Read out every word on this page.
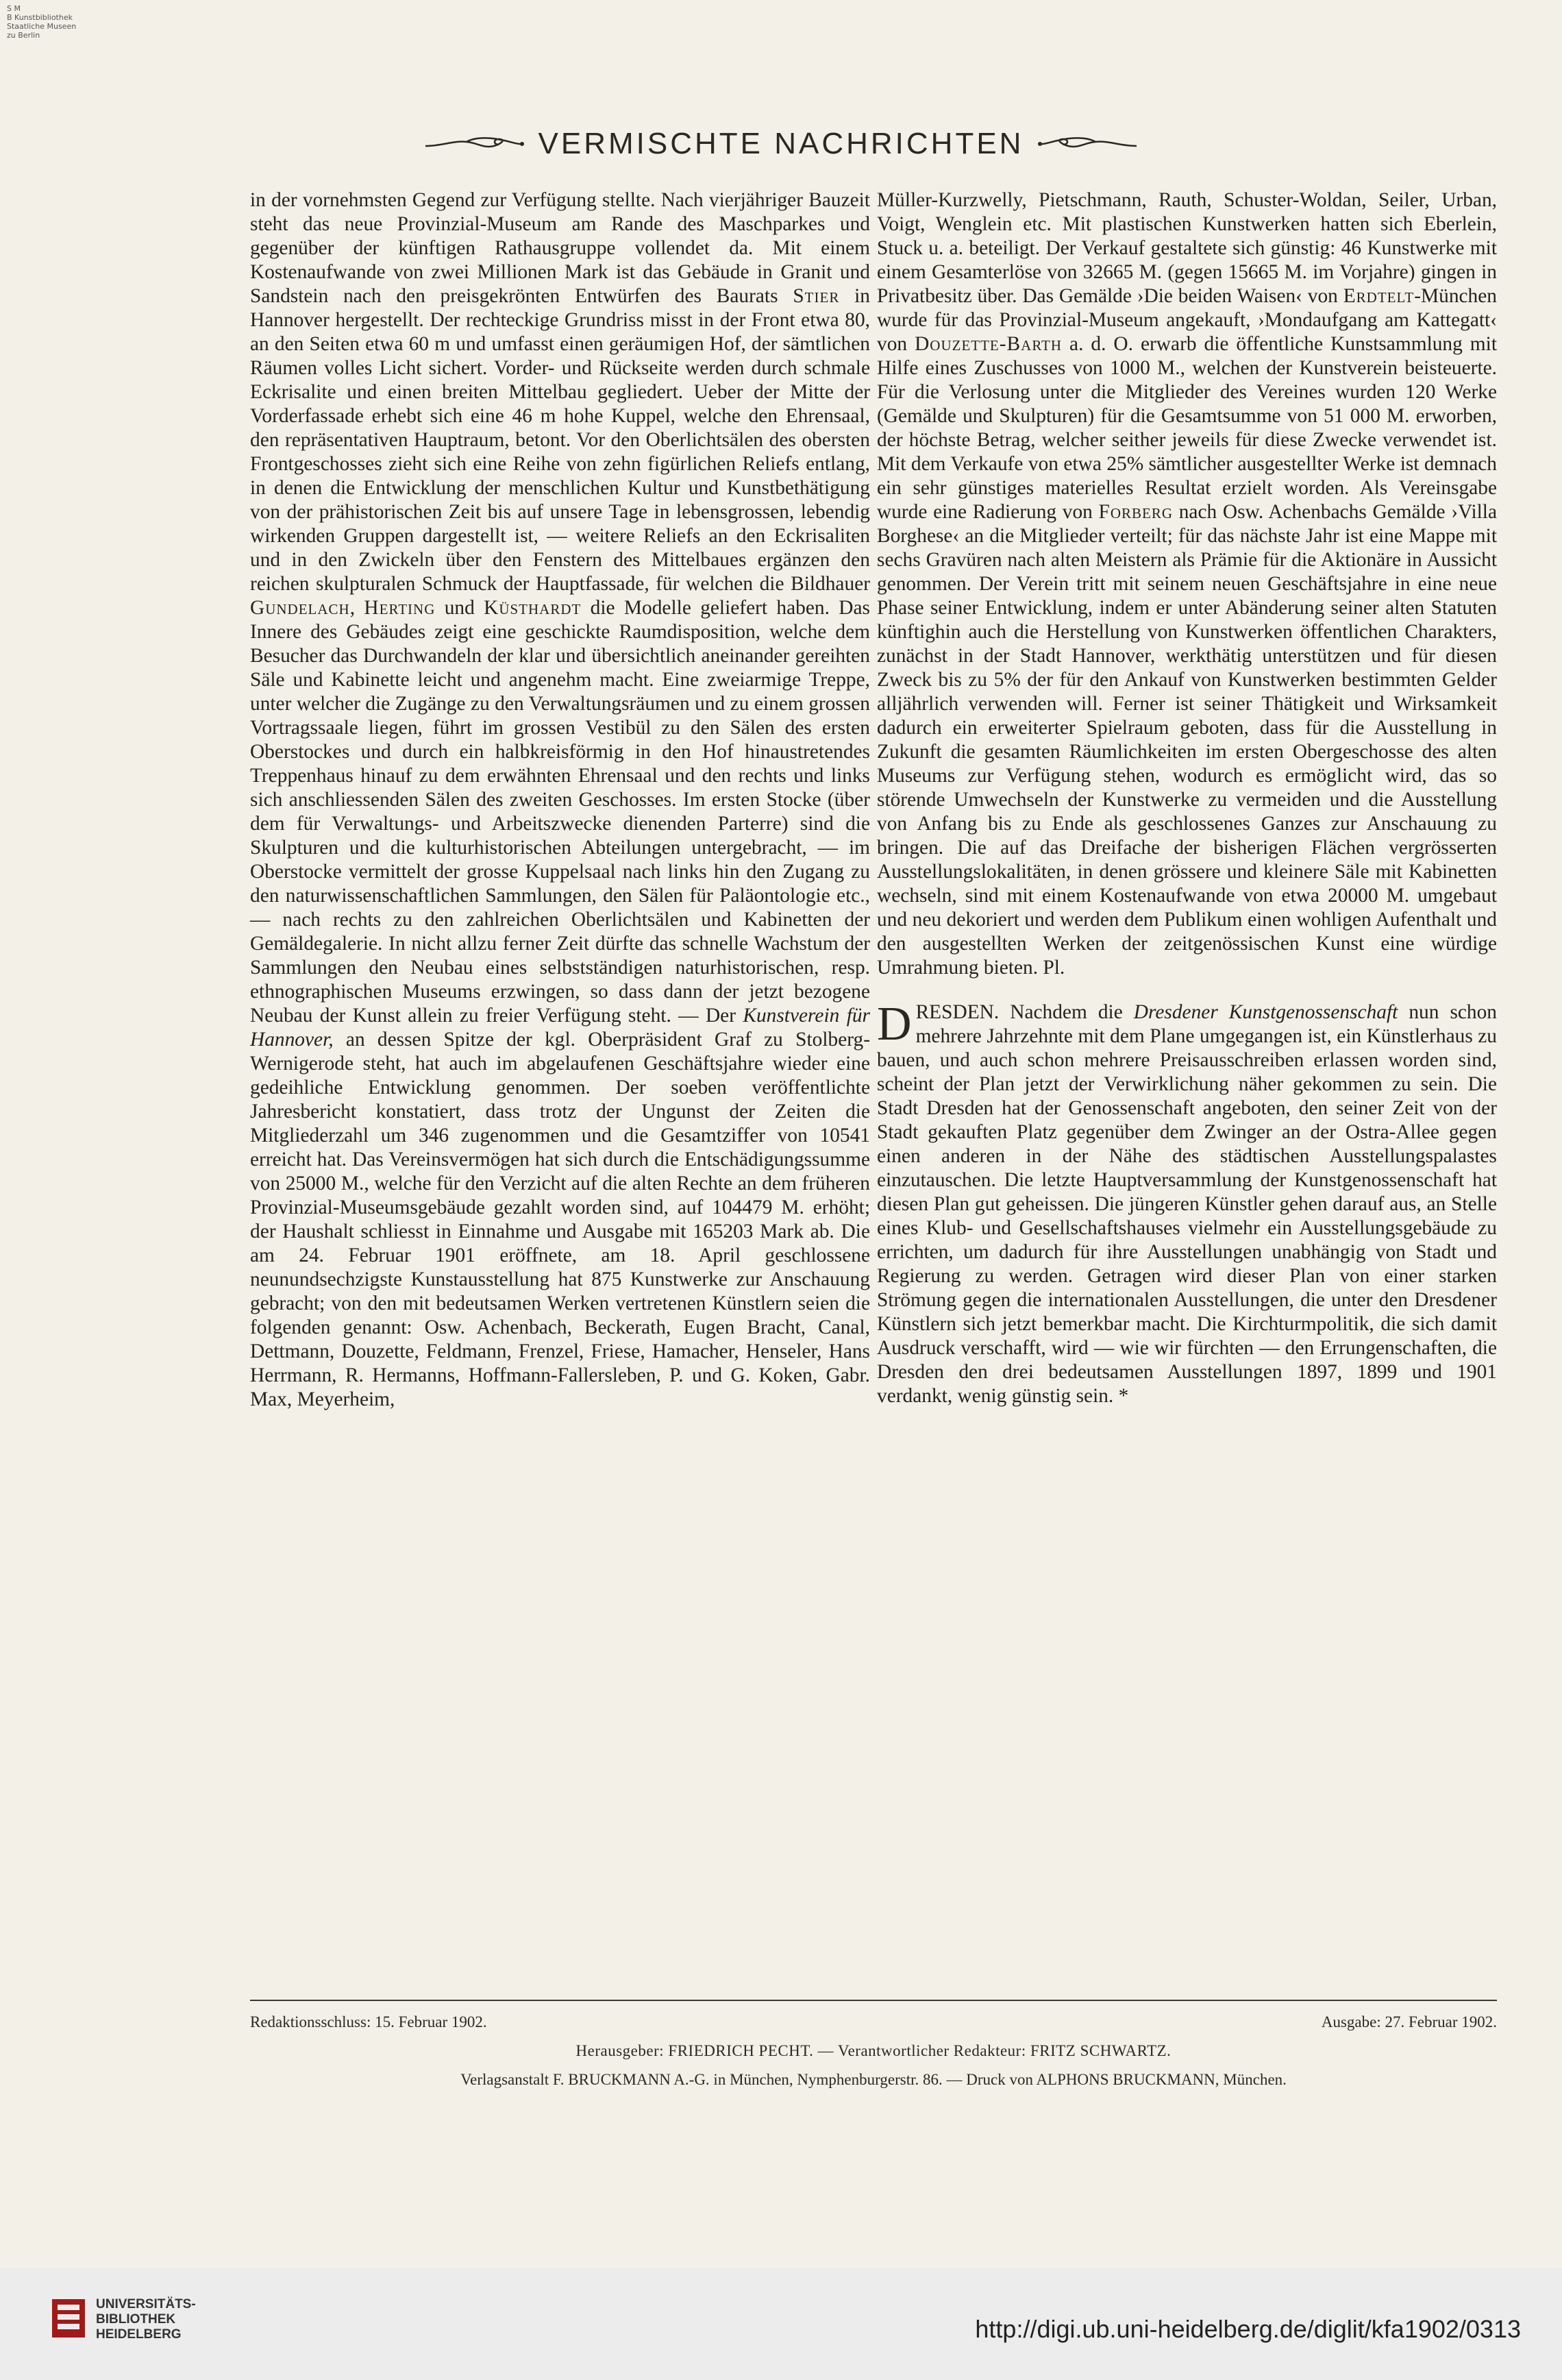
S M
B Kunstbibliothek
Staatliche Museen
zu Berlin
VERMISCHTE NACHRICHTEN

in der vornehmsten Gegend zur Verfügung stellte. Nach vierjähriger Bauzeit steht das neue Provinzial-Museum am Rande des Maschparkes und gegenüber der künftigen Rathausgruppe vollendet da. Mit einem Kostenaufwande von zwei Millionen Mark ist das Gebäude in Granit und Sandstein nach den preisgekrönten Entwürfen des Baurats Stier in Hannover hergestellt. Der rechteckige Grundriss misst in der Front etwa 80, an den Seiten etwa 60 m und umfasst einen geräumigen Hof, der sämtlichen Räumen volles Licht sichert. Vorder- und Rückseite werden durch schmale Eckrisalite und einen breiten Mittelbau gegliedert. Ueber der Mitte der Vorderfassade erhebt sich eine 46 m hohe Kuppel, welche den Ehrensaal, den repräsentativen Hauptraum, betont. Vor den Oberlichtsälen des obersten Frontgeschosses zieht sich eine Reihe von zehn figürlichen Reliefs entlang, in denen die Entwicklung der menschlichen Kultur und Kunstbethätigung von der prähistorischen Zeit bis auf unsere Tage in lebensgrossen, lebendig wirkenden Gruppen dargestellt ist, — weitere Reliefs an den Eckrisaliten und in den Zwickeln über den Fenstern des Mittelbaues ergänzen den reichen skulpturalen Schmuck der Hauptfassade, für welchen die Bildhauer Gundelach, Herting und Küsthardt die Modelle geliefert haben. Das Innere des Gebäudes zeigt eine geschickte Raumdisposition, welche dem Besucher das Durchwandeln der klar und übersichtlich aneinander gereihten Säle und Kabinette leicht und angenehm macht. Eine zweiarmige Treppe, unter welcher die Zugänge zu den Verwaltungsräumen und zu einem grossen Vortragssaale liegen, führt im grossen Vestibül zu den Sälen des ersten Oberstockes und durch ein halbkreisförmig in den Hof hinaustretendes Treppenhaus hinauf zu dem erwähnten Ehrensaal und den rechts und links sich anschliessenden Sälen des zweiten Geschosses. Im ersten Stocke (über dem für Verwaltungs- und Arbeitszwecke dienenden Parterre) sind die Skulpturen und die kulturhistorischen Abteilungen untergebracht, — im Oberstocke vermittelt der grosse Kuppelsaal nach links hin den Zugang zu den naturwissenschaftlichen Sammlungen, den Sälen für Paläontologie etc., — nach rechts zu den zahlreichen Oberlichtsälen und Kabinetten der Gemäldegalerie. In nicht allzu ferner Zeit dürfte das schnelle Wachstum der Sammlungen den Neubau eines selbstständigen naturhistorischen, resp. ethnographischen Museums erzwingen, so dass dann der jetzt bezogene Neubau der Kunst allein zu freier Verfügung steht. — Der Kunstverein für Hannover, an dessen Spitze der kgl. Oberpräsident Graf zu Stolberg-Wernigerode steht, hat auch im abgelaufenen Geschäftsjahre wieder eine gedeihliche Entwicklung genommen. Der soeben veröffentlichte Jahresbericht konstatiert, dass trotz der Ungunst der Zeiten die Mitgliederzahl um 346 zugenommen und die Gesamtziffer von 10541 erreicht hat. Das Vereinsvermögen hat sich durch die Entschädigungssumme von 25000 M., welche für den Verzicht auf die alten Rechte an dem früheren Provinzial-Museumsgebäude gezahlt worden sind, auf 104479 M. erhöht; der Haushalt schliesst in Einnahme und Ausgabe mit 165203 Mark ab. Die am 24. Februar 1901 eröffnete, am 18. April geschlossene neunundsechzigste Kunstausstellung hat 875 Kunstwerke zur Anschauung gebracht; von den mit bedeutsamen Werken vertretenen Künstlern seien die folgenden genannt: Osw. Achenbach, Beckerath, Eugen Bracht, Canal, Dettmann, Douzette, Feldmann, Frenzel, Friese, Hamacher, Henseler, Hans Herrmann, R. Hermanns, Hoffmann-Fallersleben, P. und G. Koken, Gabr. Max, Meyerheim,

Müller-Kurzwelly, Pietschmann, Rauth, Schuster-Woldan, Seiler, Urban, Voigt, Wenglein etc. Mit plastischen Kunstwerken hatten sich Eberlein, Stuck u. a. beteiligt. Der Verkauf gestaltete sich günstig: 46 Kunstwerke mit einem Gesamterlöse von 32665 M. (gegen 15665 M. im Vorjahre) gingen in Privatbesitz über. Das Gemälde ›Die beiden Waisen‹ von Erdtelt-München wurde für das Provinzial-Museum angekauft, ›Mondaufgang am Kattegatt‹ von Douzette-Barth a. d. O. erwarb die öffentliche Kunstsammlung mit Hilfe eines Zuschusses von 1000 M., welchen der Kunstverein beisteuerte. Für die Verlosung unter die Mitglieder des Vereines wurden 120 Werke (Gemälde und Skulpturen) für die Gesamtsumme von 51 000 M. erworben, der höchste Betrag, welcher seither jeweils für diese Zwecke verwendet ist. Mit dem Verkaufe von etwa 25% sämtlicher ausgestellter Werke ist demnach ein sehr günstiges materielles Resultat erzielt worden. Als Vereinsgabe wurde eine Radierung von Forberg nach Osw. Achenbachs Gemälde ›Villa Borghese‹ an die Mitglieder verteilt; für das nächste Jahr ist eine Mappe mit sechs Gravüren nach alten Meistern als Prämie für die Aktionäre in Aussicht genommen. Der Verein tritt mit seinem neuen Geschäftsjahre in eine neue Phase seiner Entwicklung, indem er unter Abänderung seiner alten Statuten künftighin auch die Herstellung von Kunstwerken öffentlichen Charakters, zunächst in der Stadt Hannover, werkthätig unterstützen und für diesen Zweck bis zu 5% der für den Ankauf von Kunstwerken bestimmten Gelder alljährlich verwenden will. Ferner ist seiner Thätigkeit und Wirksamkeit dadurch ein erweiterter Spielraum geboten, dass für die Ausstellung in Zukunft die gesamten Räumlichkeiten im ersten Obergeschosse des alten Museums zur Verfügung stehen, wodurch es ermöglicht wird, das so störende Umwechseln der Kunstwerke zu vermeiden und die Ausstellung von Anfang bis zu Ende als geschlossenes Ganzes zur Anschauung zu bringen. Die auf das Dreifache der bisherigen Flächen vergrösserten Ausstellungslokalitäten, in denen grössere und kleinere Säle mit Kabinetten wechseln, sind mit einem Kostenaufwande von etwa 20000 M. umgebaut und neu dekoriert und werden dem Publikum einen wohligen Aufenthalt und den ausgestellten Werken der zeitgenössischen Kunst eine würdige Umrahmung bieten. Pl.

DRESDEN. Nachdem die Dresdener Kunstgenossenschaft nun schon mehrere Jahrzehnte mit dem Plane umgegangen ist, ein Künstlerhaus zu bauen, und auch schon mehrere Preisausschreiben erlassen worden sind, scheint der Plan jetzt der Verwirklichung näher gekommen zu sein. Die Stadt Dresden hat der Genossenschaft angeboten, den seiner Zeit von der Stadt gekauften Platz gegenüber dem Zwinger an der Ostra-Allee gegen einen anderen in der Nähe des städtischen Ausstellungspalastes einzutauschen. Die letzte Hauptversammlung der Kunstgenossenschaft hat diesen Plan gut geheissen. Die jüngeren Künstler gehen darauf aus, an Stelle eines Klub- und Gesellschaftshauses vielmehr ein Ausstellungsgebäude zu errichten, um dadurch für ihre Ausstellungen unabhängig von Stadt und Regierung zu werden. Getragen wird dieser Plan von einer starken Strömung gegen die internationalen Ausstellungen, die unter den Dresdener Künstlern sich jetzt bemerkbar macht. Die Kirchturmpolitik, die sich damit Ausdruck verschafft, wird — wie wir fürchten — den Errungenschaften, die Dresden den drei bedeutsamen Ausstellungen 1897, 1899 und 1901 verdankt, wenig günstig sein. *

Redaktionsschluss: 15. Februar 1902.	Ausgabe: 27. Februar 1902.
Herausgeber: FRIEDRICH PECHT. — Verantwortlicher Redakteur: FRITZ SCHWARTZ.
Verlagsanstalt F. BRUCKMANN A.-G. in München, Nymphenburgerstr. 86. — Druck von ALPHONS BRUCKMANN, München.
UNIVERSITÄTS-
BIBLIOTHEK
HEIDELBERG	http://digi.ub.uni-heidelberg.de/diglit/kfa1902/0313
